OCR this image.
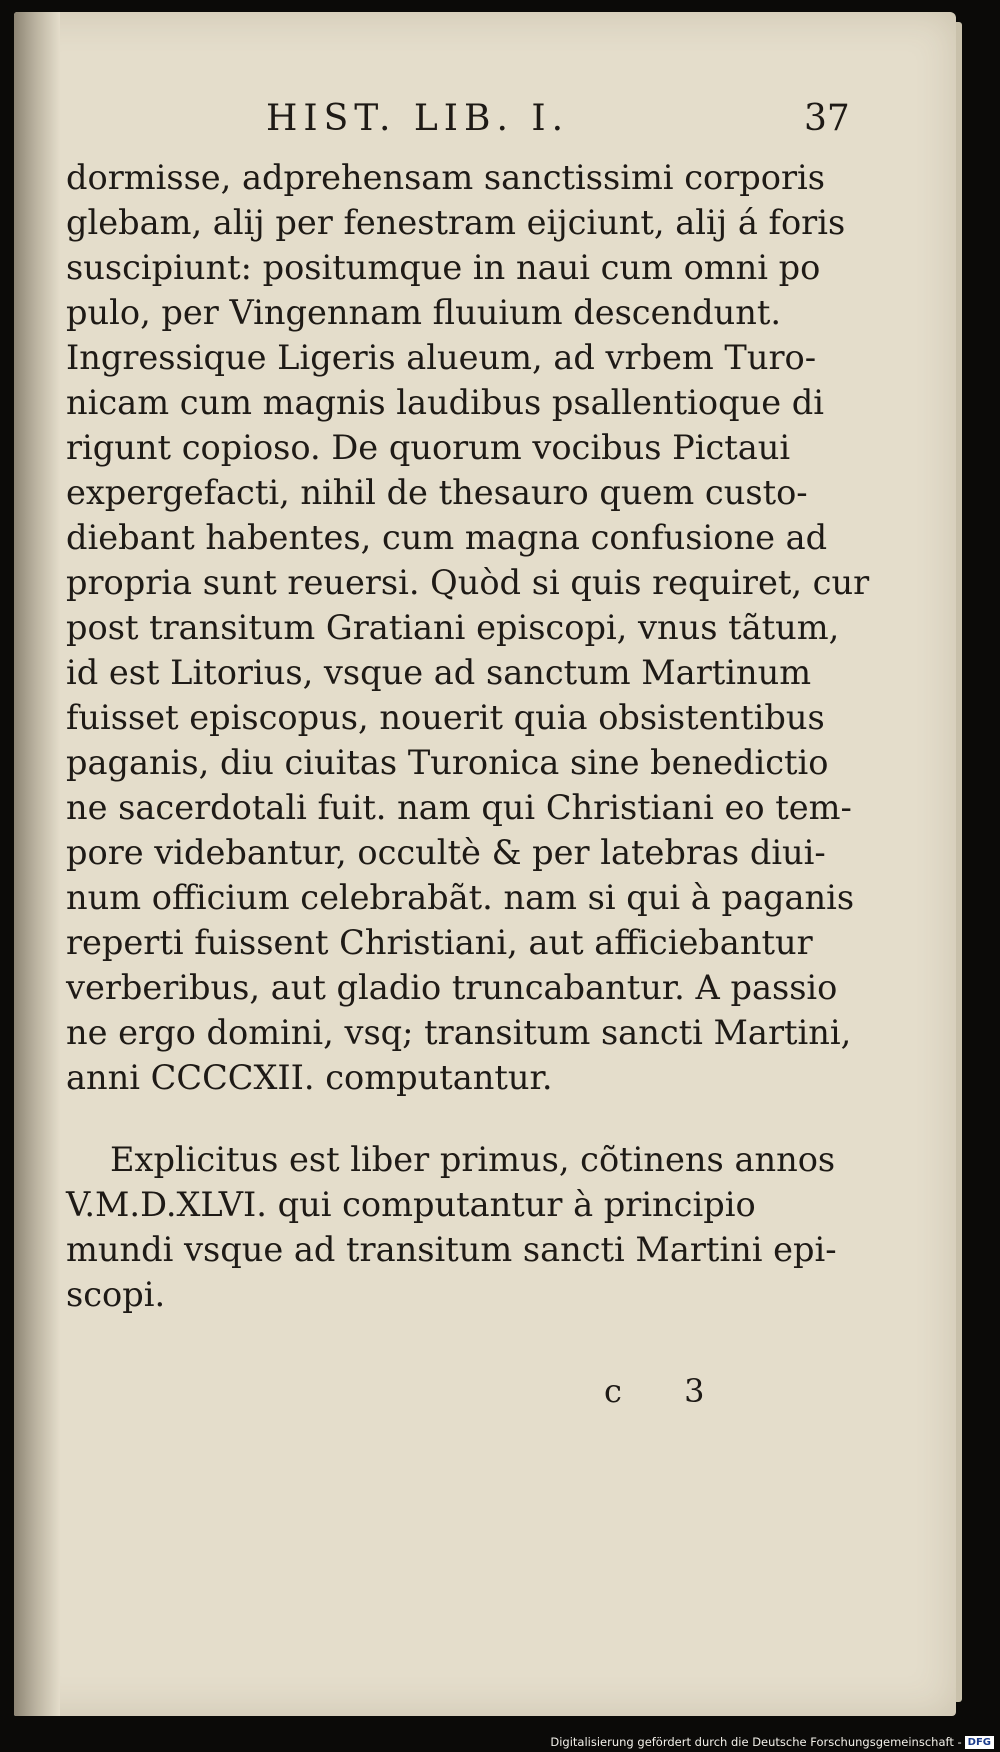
HIST. LIB. I.	37
dormisse, adprehensam sanctissimi corporis
glebam, alij per fenestram eijciunt, alij á foris
suscipiunt: positumque in naui cum omni po
pulo, per Vingennam fluuium descendunt.
Ingressique Ligeris alueum, ad vrbem Turo-
nicam cum magnis laudibus psallentioque di
rigunt copioso. De quorum vocibus Pictaui
expergefacti, nihil de thesauro quem custo-
diebant habentes, cum magna confusione ad
propria sunt reuersi. Quòd si quis requiret, cur
post transitum Gratiani episcopi, vnus tãtum,
id est Litorius, vsque ad sanctum Martinum
fuisset episcopus, nouerit quia obsistentibus
paganis, diu ciuitas Turonica sine benedictio
ne sacerdotali fuit. nam qui Christiani eo tem-
pore videbantur, occultè & per latebras diui-
num officium celebrabãt. nam si qui à paganis
reperti fuissent Christiani, aut afficiebantur
verberibus, aut gladio truncabantur. A passio
ne ergo domini, vsq; transitum sancti Martini,
anni CCCCXII. computantur.
Explicitus est liber primus, cõtinens annos
V.M.D.XLVI. qui computantur à principio
mundi vsque ad transitum sancti Martini epi-
scopi.
c 3
Digitalisierung gefördert durch die Deutsche Forschungsgemeinschaft - DFG
